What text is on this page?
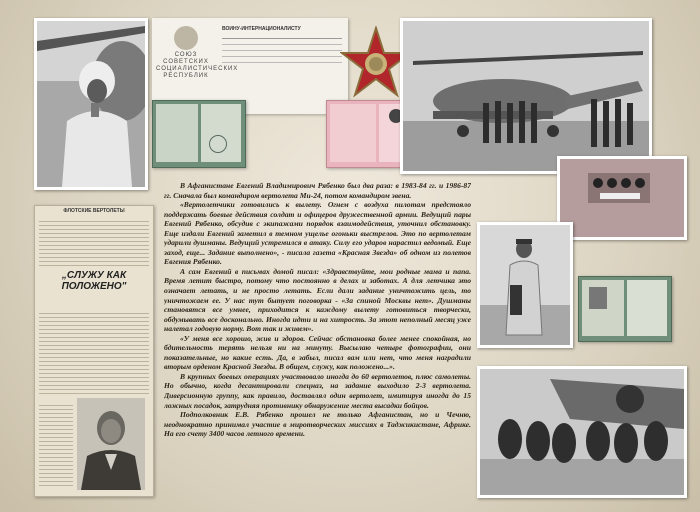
СОЮЗ СОВЕТСКИХ СОЦИАЛИСТИЧЕСКИХ РЕСПУБЛИК
ВОИНУ-ИНТЕРНАЦИОНАЛИСТУ
ФЛОТСКИЕ ВЕРТОЛЕТЫ
„СЛУЖУ КАК ПОЛОЖЕНО"

В Афганистане Евгений Владимирович Рябенко был два раза: в 1983-84 гг. и 1986-87 гг. Сначала был командиром вертолета Ми-24, потом командиром звена.

«Вертолетчики готовились к вылету. Огнем с воздуха пилотам предстояло поддержать боевые действия солдат и офицеров дружественной армии. Ведущий пары Евгений Рябенко, обсудив с экипажами порядок взаимодействия, уточнил обстановку. Еще издали Евгений заметил в темном ущелье огоньки выстрелов. Это по вертолетам ударили душманы. Ведущий устремился в атаку. Силу его ударов нарастил ведомый. Еще заход, еще... Задание выполнено», - писала газета «Красная Звезда» об одном из полетов Евгения Рябенко.

А сам Евгений в письмах домой писал: «Здравствуйте, мои родные мама и папа. Время летит быстро, потому что постоянно в делах и заботах. А для летчика это означает летать, и не просто летать. Если дали задание уничтожить цель, то уничтожаем ее. У нас тут бытует поговорка - «За спиной Москвы нет». Душманы становятся все умнее, приходится к каждому вылету готовиться творчески, обдумывать все досконально. Иногда идти и на хитрость. За этот неполный месяц уже налетал годовую норму. Вот так и живем».

«У меня все хорошо, жив и здоров. Сейчас обстановка более менее спокойная, но бдительность терять нельзя ни на минуту. Высылаю четыре фотографии, они показательные, но какие есть. Да, в забыл, писал вам или нет, что меня наградили вторым орденом Красной Звезды. В общем, служу, как положено...».

В крупных боевых операциях участвовало иногда до 60 вертолетов, плюс самолеты. Но обычно, когда десантировали спецназ, на задание выходило 2-3 вертолета. Диверсионную группу, как правило, доставлял один вертолет, имитируя иногда до 15 ложных посадок, затрудняя противнику обнаружение места высадки бойцов.

Подполковник Е.В. Рябенко прошел не только Афганистан, но и Чечню, неоднократно принимал участие в миротворческих миссиях в Таджикистане, Африке. На его счету 3400 часов летного времени.
